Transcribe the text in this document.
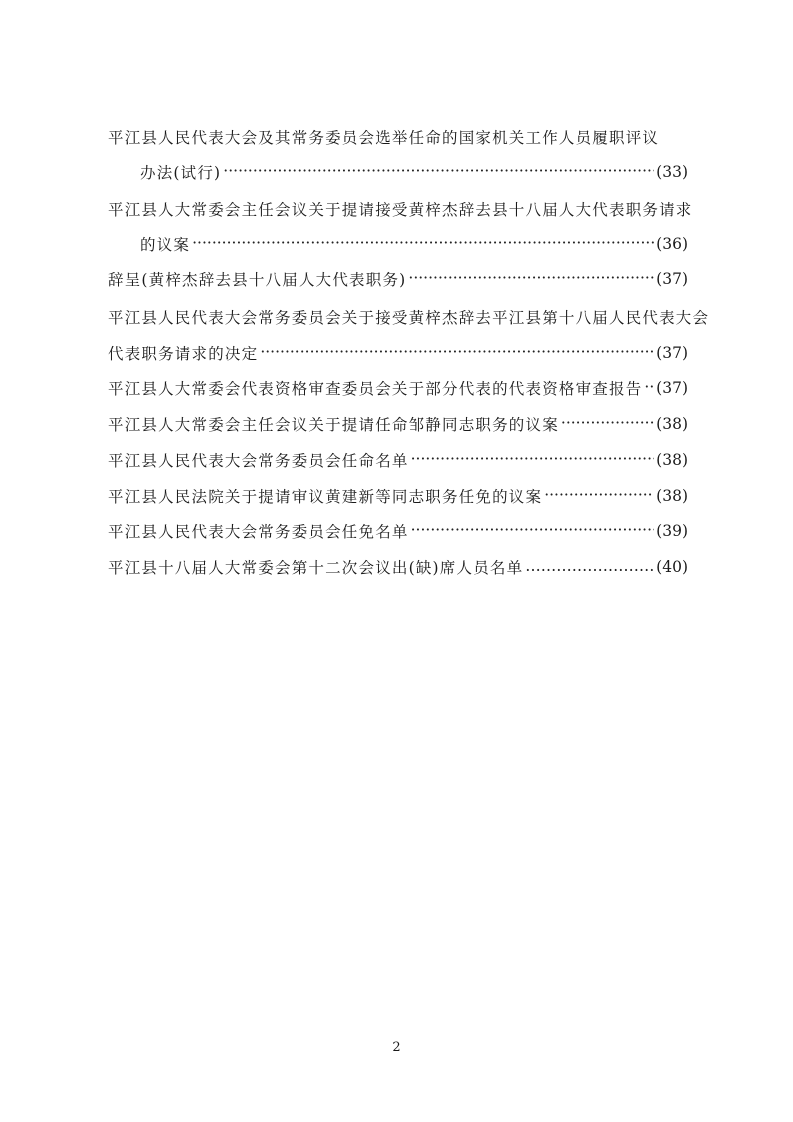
平江县人民代表大会及其常务委员会选举任命的国家机关工作人员履职评议
办法(试行) ·····	(33)
平江县人大常委会主任会议关于提请接受黄梓杰辞去县十八届人大代表职务请求
的议案 ·····	(36)
辞呈(黄梓杰辞去县十八届人大代表职务) ·····	(37)
平江县人民代表大会常务委员会关于接受黄梓杰辞去平江县第十八届人民代表大会
代表职务请求的决定 ·····	(37)
平江县人大常委会代表资格审查委员会关于部分代表的代表资格审查报告 ····· (37)
平江县人大常委会主任会议关于提请任命邹静同志职务的议案 ·····	(38)
平江县人民代表大会常务委员会任命名单 ·····	(38)
平江县人民法院关于提请审议黄建新等同志职务任免的议案 ·····	(38)
平江县人民代表大会常务委员会任免名单 ·····	(39)
平江县十八届人大常委会第十二次会议出(缺)席人员名单 …………………………………………………………………………………………………………………………………………	(40)
2
